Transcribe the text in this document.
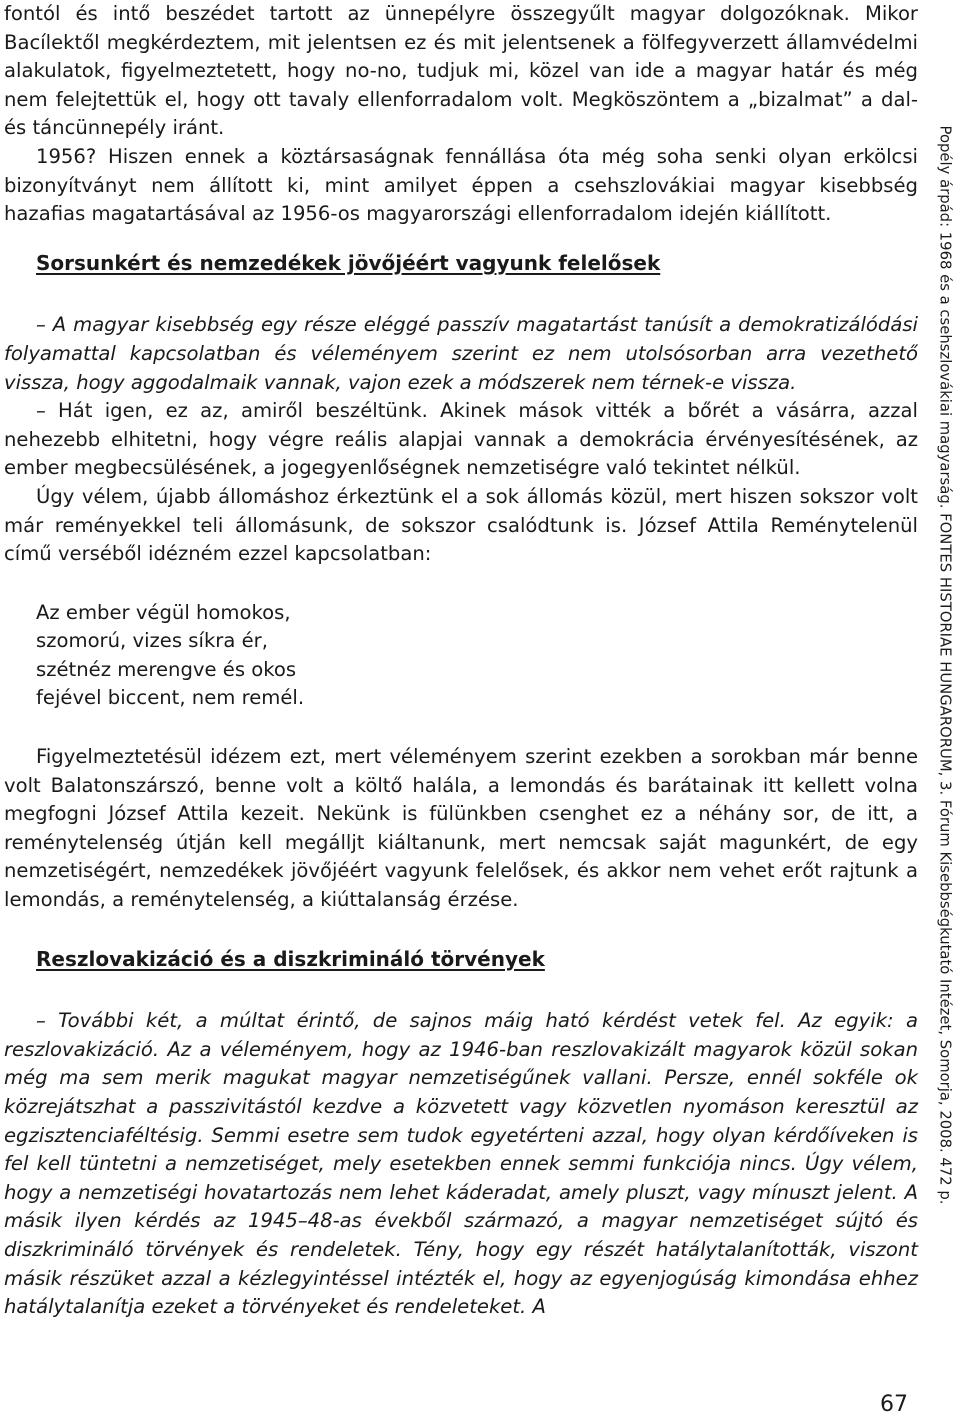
fontól és intő beszédet tartott az ünnepélyre összegyűlt magyar dolgozóknak. Mikor Bacílektől megkérdeztem, mit jelentsen ez és mit jelentsenek a fölfegyverzett államvédelmi alakulatok, figyelmeztetett, hogy no-no, tudjuk mi, közel van ide a magyar határ és még nem felejtettük el, hogy ott tavaly ellenforradalom volt. Megköszöntem a „bizalmat” a dal- és táncünnepély iránt.

1956? Hiszen ennek a köztársaságnak fennállása óta még soha senki olyan erkölcsi bizonyítványt nem állított ki, mint amilyet éppen a csehszlovákiai magyar kisebbség hazafias magatartásával az 1956-os magyarországi ellenforradalom idején kiállított.

Sorsunkért és nemzedékek jövőjéért vagyunk felelősek

– A magyar kisebbség egy része eléggé passzív magatartást tanúsít a demokratizálódási folyamattal kapcsolatban és véleményem szerint ez nem utolsósorban arra vezethető vissza, hogy aggodalmaik vannak, vajon ezek a módszerek nem térnek-e vissza.

– Hát igen, ez az, amiről beszéltünk. Akinek mások vitték a bőrét a vásárra, azzal nehezebb elhitetni, hogy végre reális alapjai vannak a demokrácia érvényesítésének, az ember megbecsülésének, a jogegyenlőségnek nemzetiségre való tekintet nélkül.

Úgy vélem, újabb állomáshoz érkeztünk el a sok állomás közül, mert hiszen sokszor volt már reményekkel teli állomásunk, de sokszor csalódtunk is. József Attila Reménytelenül című verséből idézném ezzel kapcsolatban:

Az ember végül homokos,
szomorú, vizes síkra ér,
szétnéz merengve és okos
fejével biccent, nem remél.

Figyelmeztetésül idézem ezt, mert véleményem szerint ezekben a sorokban már benne volt Balatonszárszó, benne volt a költő halála, a lemondás és barátainak itt kellett volna megfogni József Attila kezeit. Nekünk is fülünkben csenghet ez a néhány sor, de itt, a reménytelenség útján kell megálljt kiáltanunk, mert nemcsak saját magunkért, de egy nemzetiségért, nemzedékek jövőjéért vagyunk felelősek, és akkor nem vehet erőt rajtunk a lemondás, a reménytelenség, a kiúttalanság érzése.

Reszlovakizáció és a diszkrimináló törvények

– További két, a múltat érintő, de sajnos máig ható kérdést vetek fel. Az egyik: a reszlovakizáció. Az a véleményem, hogy az 1946-ban reszlovakizált magyarok közül sokan még ma sem merik magukat magyar nemzetiségűnek vallani. Persze, ennél sokféle ok közrejátszhat a passzivitástól kezdve a közvetett vagy közvetlen nyomáson keresztül az egzisztenciaféltésig. Semmi esetre sem tudok egyetérteni azzal, hogy olyan kérdőíveken is fel kell tüntetni a nemzetiséget, mely esetekben ennek semmi funkciója nincs. Úgy vélem, hogy a nemzetiségi hovatartozás nem lehet káderadat, amely pluszt, vagy mínuszt jelent. A másik ilyen kérdés az 1945–48-as évekből származó, a magyar nemzetiséget sújtó és diszkrimináló törvények és rendeletek. Tény, hogy egy részét hatálytalanították, viszont másik részüket azzal a kézlegyintéssel intézték el, hogy az egyenjogúság kimondása ehhez hatálytalanítja ezeket a törvényeket és rendeleteket. A

Popély árpád: 1968 és a csehszlovákiai magyarság. FONTES HISTORIAE HUNGARORUM, 3. Fórum Kisebbségkutató Intézet, Somorja, 2008. 472 p.
67
